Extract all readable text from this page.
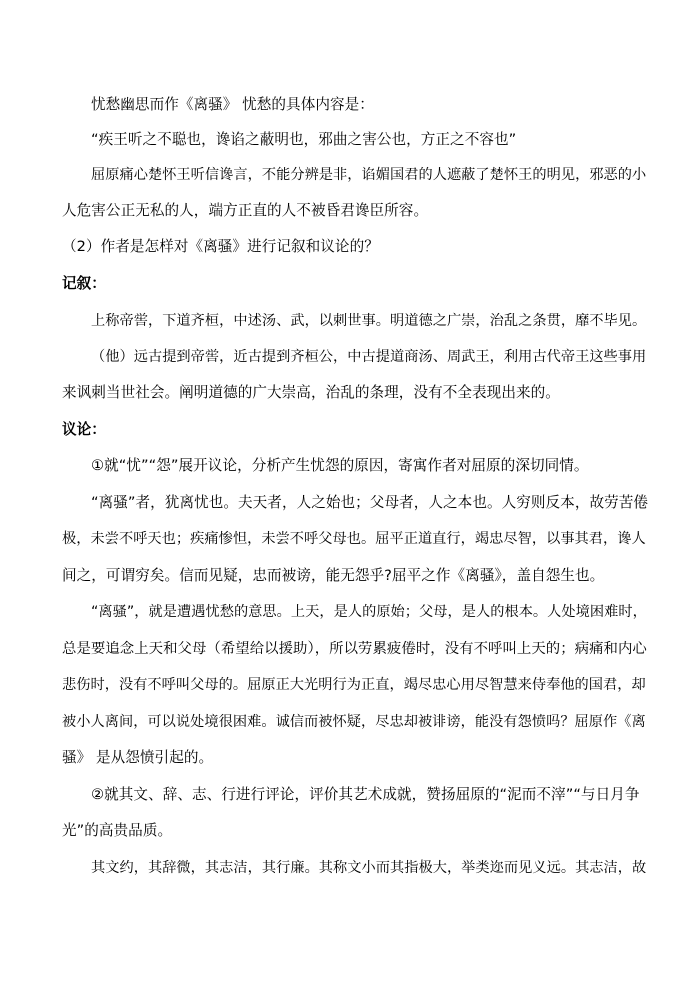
忧愁幽思而作《离骚》 忧愁的具体内容是：
“疾王听之不聪也，谗谄之蔽明也，邪曲之害公也，方正之不容也”
屈原痛心楚怀王听信谗言，不能分辨是非，谄媚国君的人遮蔽了楚怀王的明见，邪恶的小
人危害公正无私的人，端方正直的人不被昏君谗臣所容。
（2）作者是怎样对《离骚》进行记叙和议论的？
记叙：
上称帝喾，下道齐桓，中述汤、武，以刺世事。明道德之广崇，治乱之条贯，靡不毕见。
（他）远古提到帝喾，近古提到齐桓公，中古提道商汤、周武王，利用古代帝王这些事用
来讽刺当世社会。阐明道德的广大崇高，治乱的条理，没有不全表现出来的。
议论：
①就“忧”“怨”展开议论，分析产生忧怨的原因，寄寓作者对屈原的深切同情。
“离骚”者，犹离忧也。夫天者，人之始也；父母者，人之本也。人穷则反本，故劳苦倦
极，未尝不呼天也；疾痛惨怛，未尝不呼父母也。屈平正道直行，竭忠尽智，以事其君，谗人
间之，可谓穷矣。信而见疑，忠而被谤，能无怨乎?屈平之作《离骚》，盖自怨生也。
“离骚”，就是遭遇忧愁的意思。上天，是人的原始；父母，是人的根本。人处境困难时，
总是要追念上天和父母（希望给以援助），所以劳累疲倦时，没有不呼叫上天的；病痛和内心
悲伤时，没有不呼叫父母的。屈原正大光明行为正直，竭尽忠心用尽智慧来侍奉他的国君，却
被小人离间，可以说处境很困难。诚信而被怀疑，尽忠却被诽谤，能没有怨愤吗？屈原作《离
骚》 是从怨愤引起的。
②就其文、辞、志、行进行评论，评价其艺术成就，赞扬屈原的“泥而不滓”“与日月争
光”的高贵品质。
其文约，其辞微，其志洁，其行廉。其称文小而其指极大，举类迩而见义远。其志洁，故
